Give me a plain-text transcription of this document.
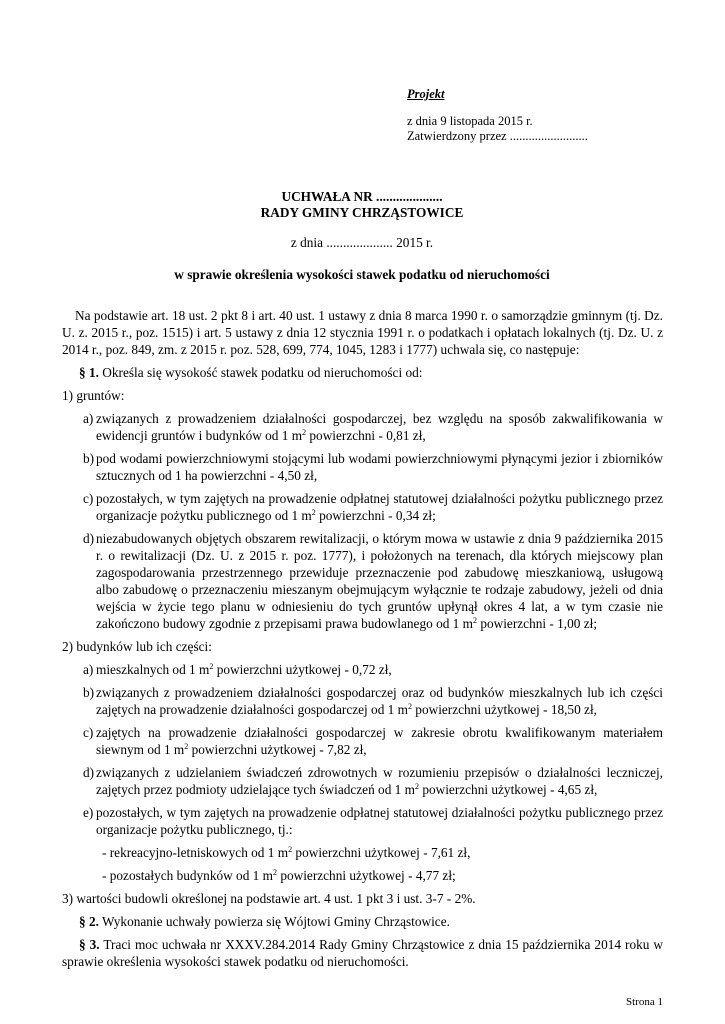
Projekt
z dnia 9 listopada 2015 r.
Zatwierdzony przez .........................
UCHWAŁA NR ....................
RADY GMINY CHRZĄSTOWICE
z dnia .................... 2015 r.
w sprawie określenia wysokości stawek podatku od nieruchomości

Na podstawie art. 18 ust. 2 pkt 8 i art. 40 ust. 1 ustawy z dnia 8 marca 1990 r. o samorządzie gminnym (tj. Dz. U. z. 2015 r., poz. 1515) i art. 5 ustawy z dnia 12 stycznia 1991 r. o podatkach i opłatach lokalnych (tj. Dz. U. z 2014 r., poz. 849, zm. z 2015 r. poz. 528, 699, 774, 1045, 1283 i 1777) uchwala się, co następuje:

§ 1. Określa się wysokość stawek podatku od nieruchomości od:

1) gruntów:

a) związanych z prowadzeniem działalności gospodarczej, bez względu na sposób zakwalifikowania w ewidencji gruntów i budynków od 1 $m^2$ powierzchni - 0,81 zł,
b) pod wodami powierzchniowymi stojącymi lub wodami powierzchniowymi płynącymi jezior i zbiorników sztucznych od 1 ha powierzchni - 4,50 zł,
c) pozostałych, w tym zajętych na prowadzenie odpłatnej statutowej działalności pożytku publicznego przez organizacje pożytku publicznego od 1 $m^2$ powierzchni - 0,34 zł;
d) niezabudowanych objętych obszarem rewitalizacji, o którym mowa w ustawie z dnia 9 października 2015 r. o rewitalizacji (Dz. U. z 2015 r. poz. 1777), i położonych na terenach, dla których miejscowy plan zagospodarowania przestrzennego przewiduje przeznaczenie pod zabudowę mieszkaniową, usługową albo zabudowę o przeznaczeniu mieszanym obejmującym wyłącznie te rodzaje zabudowy, jeżeli od dnia wejścia w życie tego planu w odniesieniu do tych gruntów upłynął okres 4 lat, a w tym czasie nie zakończono budowy zgodnie z przepisami prawa budowlanego od 1 $m^2$ powierzchni - 1,00 zł;

2) budynków lub ich części:

a) mieszkalnych od 1 $m^2$ powierzchni użytkowej - 0,72 zł,
b) związanych z prowadzeniem działalności gospodarczej oraz od budynków mieszkalnych lub ich części zajętych na prowadzenie działalności gospodarczej od 1 $m^2$ powierzchni użytkowej - 18,50 zł,
c) zajętych na prowadzenie działalności gospodarczej w zakresie obrotu kwalifikowanym materiałem siewnym od 1 $m^2$ powierzchni użytkowej - 7,82 zł,
d) związanych z udzielaniem świadczeń zdrowotnych w rozumieniu przepisów o działalności leczniczej, zajętych przez podmioty udzielające tych świadczeń od 1 $m^2$ powierzchni użytkowej - 4,65 zł,
e) pozostałych, w tym zajętych na prowadzenie odpłatnej statutowej działalności pożytku publicznego przez organizacje pożytku publicznego, tj.:

- rekreacyjno-letniskowych od 1 $m^2$ powierzchni użytkowej - 7,61 zł,

- pozostałych budynków od 1 $m^2$ powierzchni użytkowej - 4,77 zł;

3) wartości budowli określonej na podstawie art. 4 ust. 1 pkt 3 i ust. 3-7 - 2%.

§ 2. Wykonanie uchwały powierza się Wójtowi Gminy Chrząstowice.

§ 3. Traci moc uchwała nr XXXV.284.2014 Rady Gminy Chrząstowice z dnia 15 października 2014 roku w sprawie określenia wysokości stawek podatku od nieruchomości.

Strona 1
